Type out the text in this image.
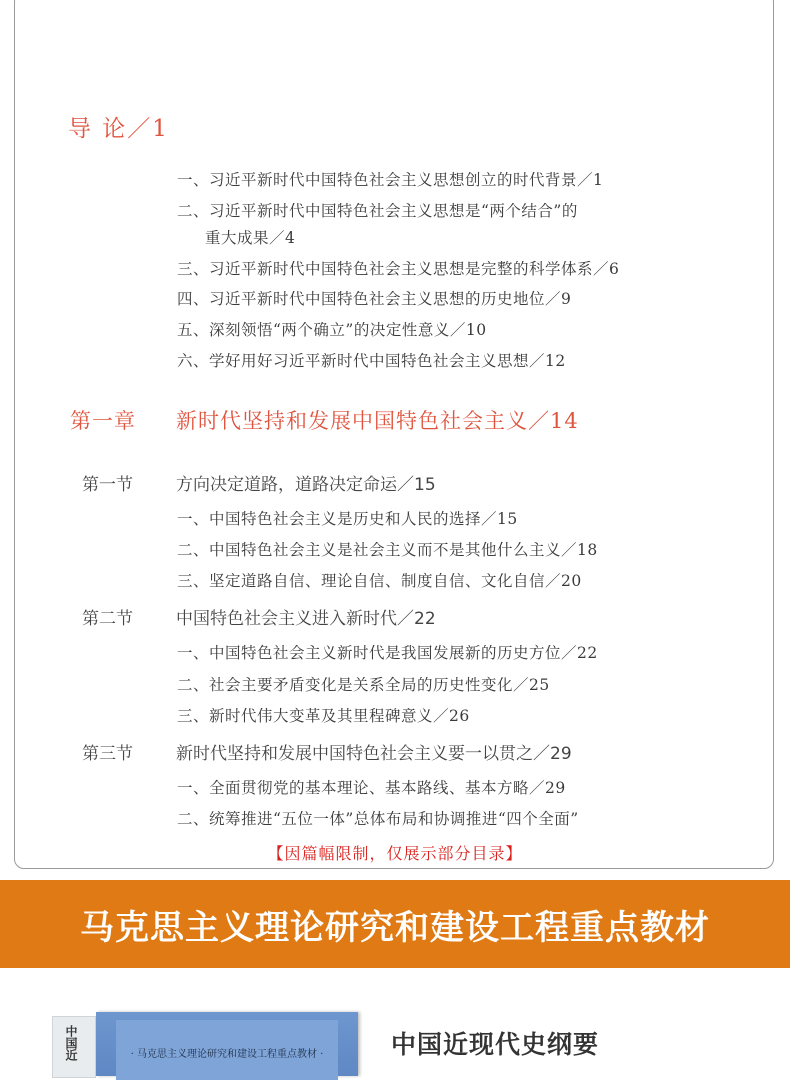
导 论／1
一、习近平新时代中国特色社会主义思想创立的时代背景／1
二、习近平新时代中国特色社会主义思想是“两个结合”的
重大成果／4
三、习近平新时代中国特色社会主义思想是完整的科学体系／6
四、习近平新时代中国特色社会主义思想的历史地位／9
五、深刻领悟“两个确立”的决定性意义／10
六、学好用好习近平新时代中国特色社会主义思想／12
第一章 新时代坚持和发展中国特色社会主义／14
第一节	方向决定道路，道路决定命运／15
一、中国特色社会主义是历史和人民的选择／15
二、中国特色社会主义是社会主义而不是其他什么主义／18
三、坚定道路自信、理论自信、制度自信、文化自信／20
第二节	中国特色社会主义进入新时代／22
一、中国特色社会主义新时代是我国发展新的历史方位／22
二、社会主要矛盾变化是关系全局的历史性变化／25
三、新时代伟大变革及其里程碑意义／26
第三节	新时代坚持和发展中国特色社会主义要一以贯之／29
一、全面贯彻党的基本理论、基本路线、基本方略／29
二、统筹推进“五位一体”总体布局和协调推进“四个全面”
【因篇幅限制，仅展示部分目录】
马克思主义理论研究和建设工程重点教材
中国近	· 马克思主义理论研究和建设工程重点教材 ·	中国近现代史纲要
